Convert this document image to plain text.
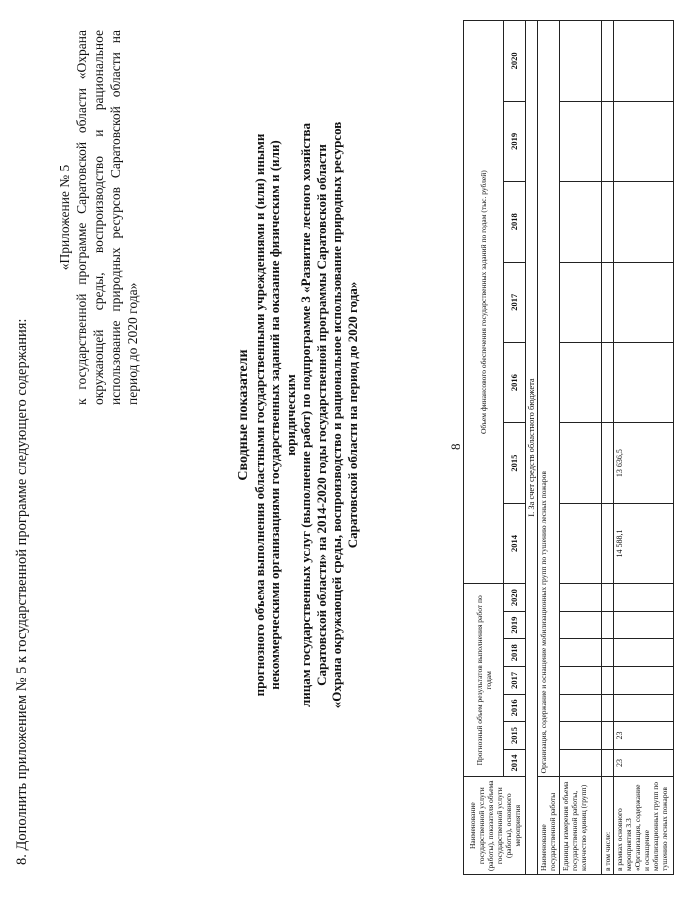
8
8. Дополнить приложением № 5 к государственной программе следующего содержания:
«Приложение № 5 к государственной программе Саратовской области «Охрана окружающей среды, воспроизводство и рациональное использование природных ресурсов Саратовской области на период до 2020 года»
Сводные показатели прогнозного объема выполнения областными государственными учреждениями и (или) иными некоммерческими организациями государственных заданий на оказание физическим и (или) юридическим лицам государственных услуг (выполнение работ) по подпрограмме 3 «Развитие лесного хозяйства Саратовской области» на 2014-2020 годы государственной программы Саратовской области «Охрана окружающей среды, воспроизводство и рациональное использование природных ресурсов Саратовской области на период до 2020 года»
Наименование государственной услуги (работы), показателя объема государственной услуги (работы), основного мероприятия	Прогнозный объем результатов выполнения работ по годам							Объем финансового обеспечения государственных заданий по годам (тыс. рублей)						
	2014	2015	2016	2017	2018	2019	2020	2014	2015	2016	2017	2018	2019	2020
I. За счет средств областного бюджета														
Наименование государственной работы	Организация, содержание и оснащение мобилизационных групп по тушению лесных пожаров													
Единицы измерения объема государственной работы, количество единиц (групп)														
в том числе:														
в рамках основного мероприятия 3.3 «Организация, содержание и оснащение мобилизационных групп по тушению лесных пожаров	23	23						14 588,1	13 636,5					
